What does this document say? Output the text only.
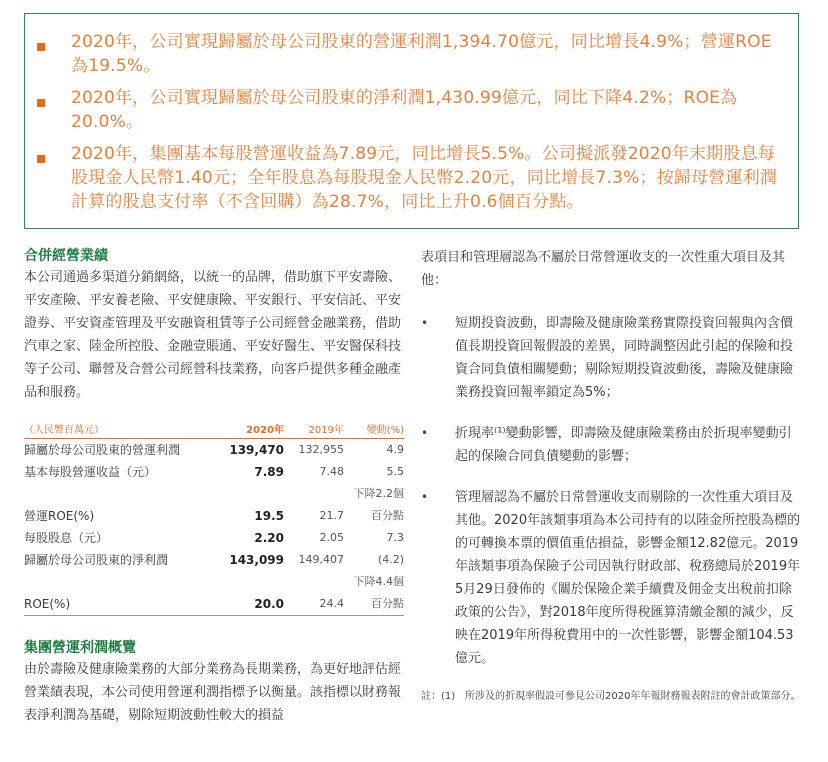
2020年，公司實現歸屬於母公司股東的營運利潤1,394.70億元，同比增長4.9%；營運ROE為19.5%。
2020年，公司實現歸屬於母公司股東的淨利潤1,430.99億元，同比下降4.2%；ROE為20.0%。
2020年，集團基本每股營運收益為7.89元，同比增長5.5%。公司擬派發2020年末期股息每股現金人民幣1.40元；全年股息為每股現金人民幣2.20元，同比增長7.3%；按歸母營運利潤計算的股息支付率（不含回購）為28.7%，同比上升0.6個百分點。
合併經營業績

本公司通過多渠道分銷網絡，以統一的品牌，借助旗下平安壽險、平安產險、平安養老險、平安健康險、平安銀行、平安信託、平安證券、平安資產管理及平安融資租賃等子公司經營金融業務，借助汽車之家、陸金所控股、金融壹賬通、平安好醫生、平安醫保科技等子公司、聯營及合營公司經營科技業務，向客戶提供多種金融產品和服務。

（人民幣百萬元）	2020年	2019年	變動(%)
歸屬於母公司股東的營運利潤	139,470	132,955	4.9
基本每股營運收益（元）	7.89	7.48	5.5
營運ROE(%)	19.5	21.7
下降2.2個
百分點
每股股息（元）	2.20	2.05	7.3
歸屬於母公司股東的淨利潤	143,099	149,407	(4.2)
ROE(%)	20.0	24.4
下降4.4個
百分點
集團營運利潤概覽

由於壽險及健康險業務的大部分業務為長期業務，為更好地評估經營業績表現，本公司使用營運利潤指標予以衡量。該指標以財務報表淨利潤為基礎，剔除短期波動性較大的損益

表項目和管理層認為不屬於日常營運收支的一次性重大項目及其他：

•	短期投資波動，即壽險及健康險業務實際投資回報與內含價值長期投資回報假設的差異，同時調整因此引起的保險和投資合同負債相關變動；剔除短期投資波動後，壽險及健康險業務投資回報率鎖定為5%；

•	折現率⁽¹⁾變動影響，即壽險及健康險業務由於折現率變動引起的保險合同負債變動的影響；

•	管理層認為不屬於日常營運收支而剔除的一次性重大項目及其他。2020年該類事項為本公司持有的以陸金所控股為標的的可轉換本票的價值重估損益，影響金額12.82億元。2019年該類事項為保險子公司因執行財政部、稅務總局於2019年5月29日發佈的《關於保險企業手續費及佣金支出稅前扣除政策的公告》，對2018年度所得稅匯算清繳金額的減少，反映在2019年所得稅費用中的一次性影響，影響金額104.53億元。

註：(1) 所涉及的折現率假設可參見公司2020年年報財務報表附註的會計政策部分。
